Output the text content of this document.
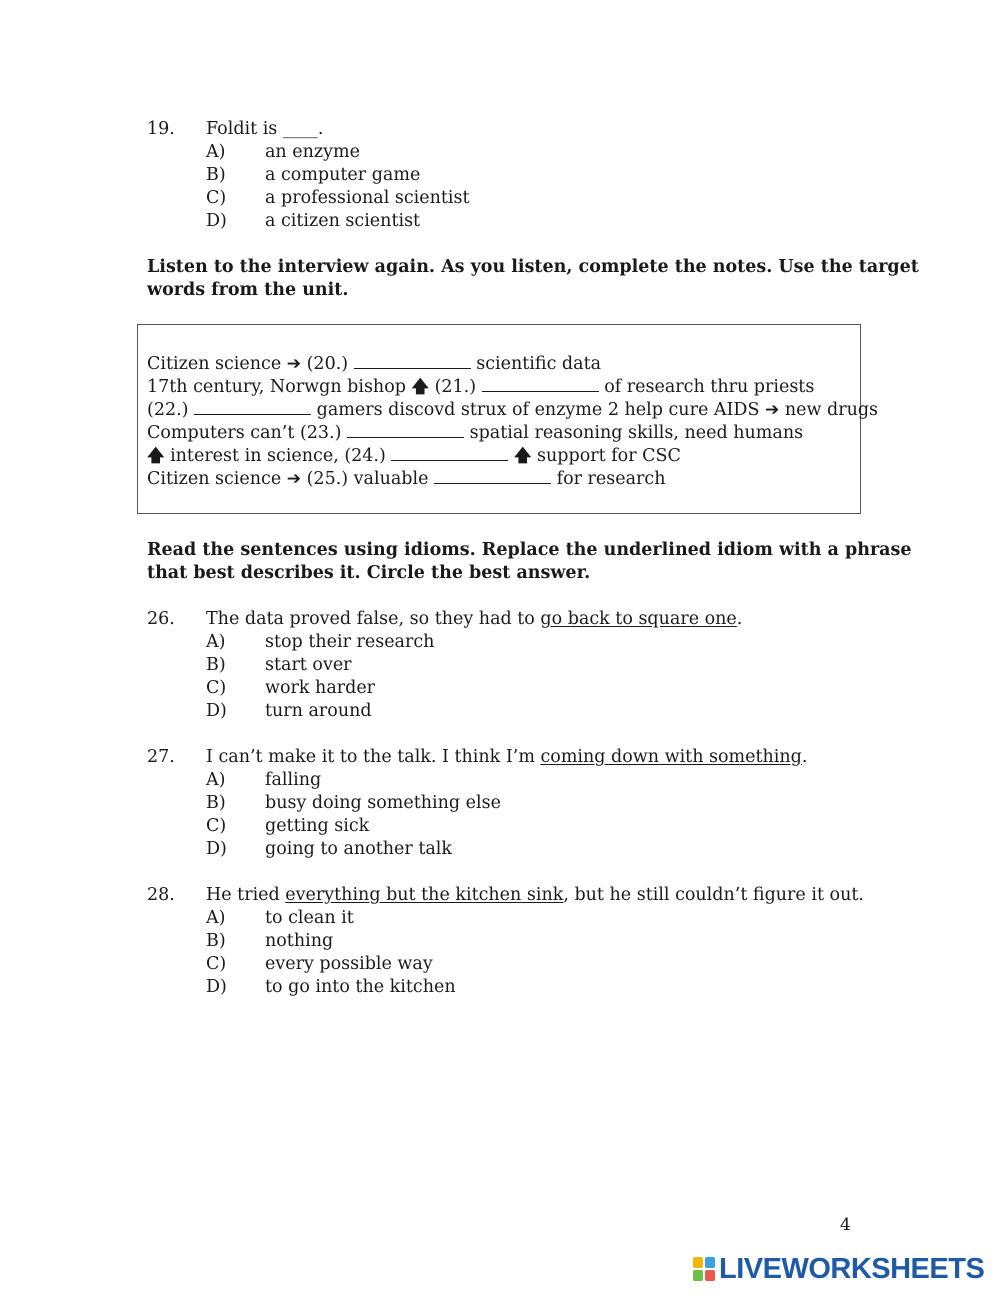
19.	Foldit is ____.
A)	an enzyme
B)	a computer game
C)	a professional scientist
D)	a citizen scientist
Listen to the interview again. As you listen, complete the notes. Use the target
words from the unit.
Citizen science ➔ (20.)	scientific data
17th century, Norwgn bishop 🡅 (21.)	of research thru priests
(22.)	gamers discovd strux of enzyme 2 help cure AIDS ➔ new drugs
Computers can’t (23.)	spatial reasoning skills, need humans
🡅 interest in science, (24.)	🡅 support for CSC
Citizen science ➔ (25.) valuable	for research
Read the sentences using idioms. Replace the underlined idiom with a phrase
that best describes it. Circle the best answer.
26.	The data proved false, so they had to go back to square one.
A)	stop their research
B)	start over
C)	work harder
D)	turn around
27.	I can’t make it to the talk. I think I’m coming down with something.
A)	falling
B)	busy doing something else
C)	getting sick
D)	going to another talk
28.	He tried everything but the kitchen sink, but he still couldn’t figure it out.
A)	to clean it
B)	nothing
C)	every possible way
D)	to go into the kitchen
4
LIVEWORKSHEETS
